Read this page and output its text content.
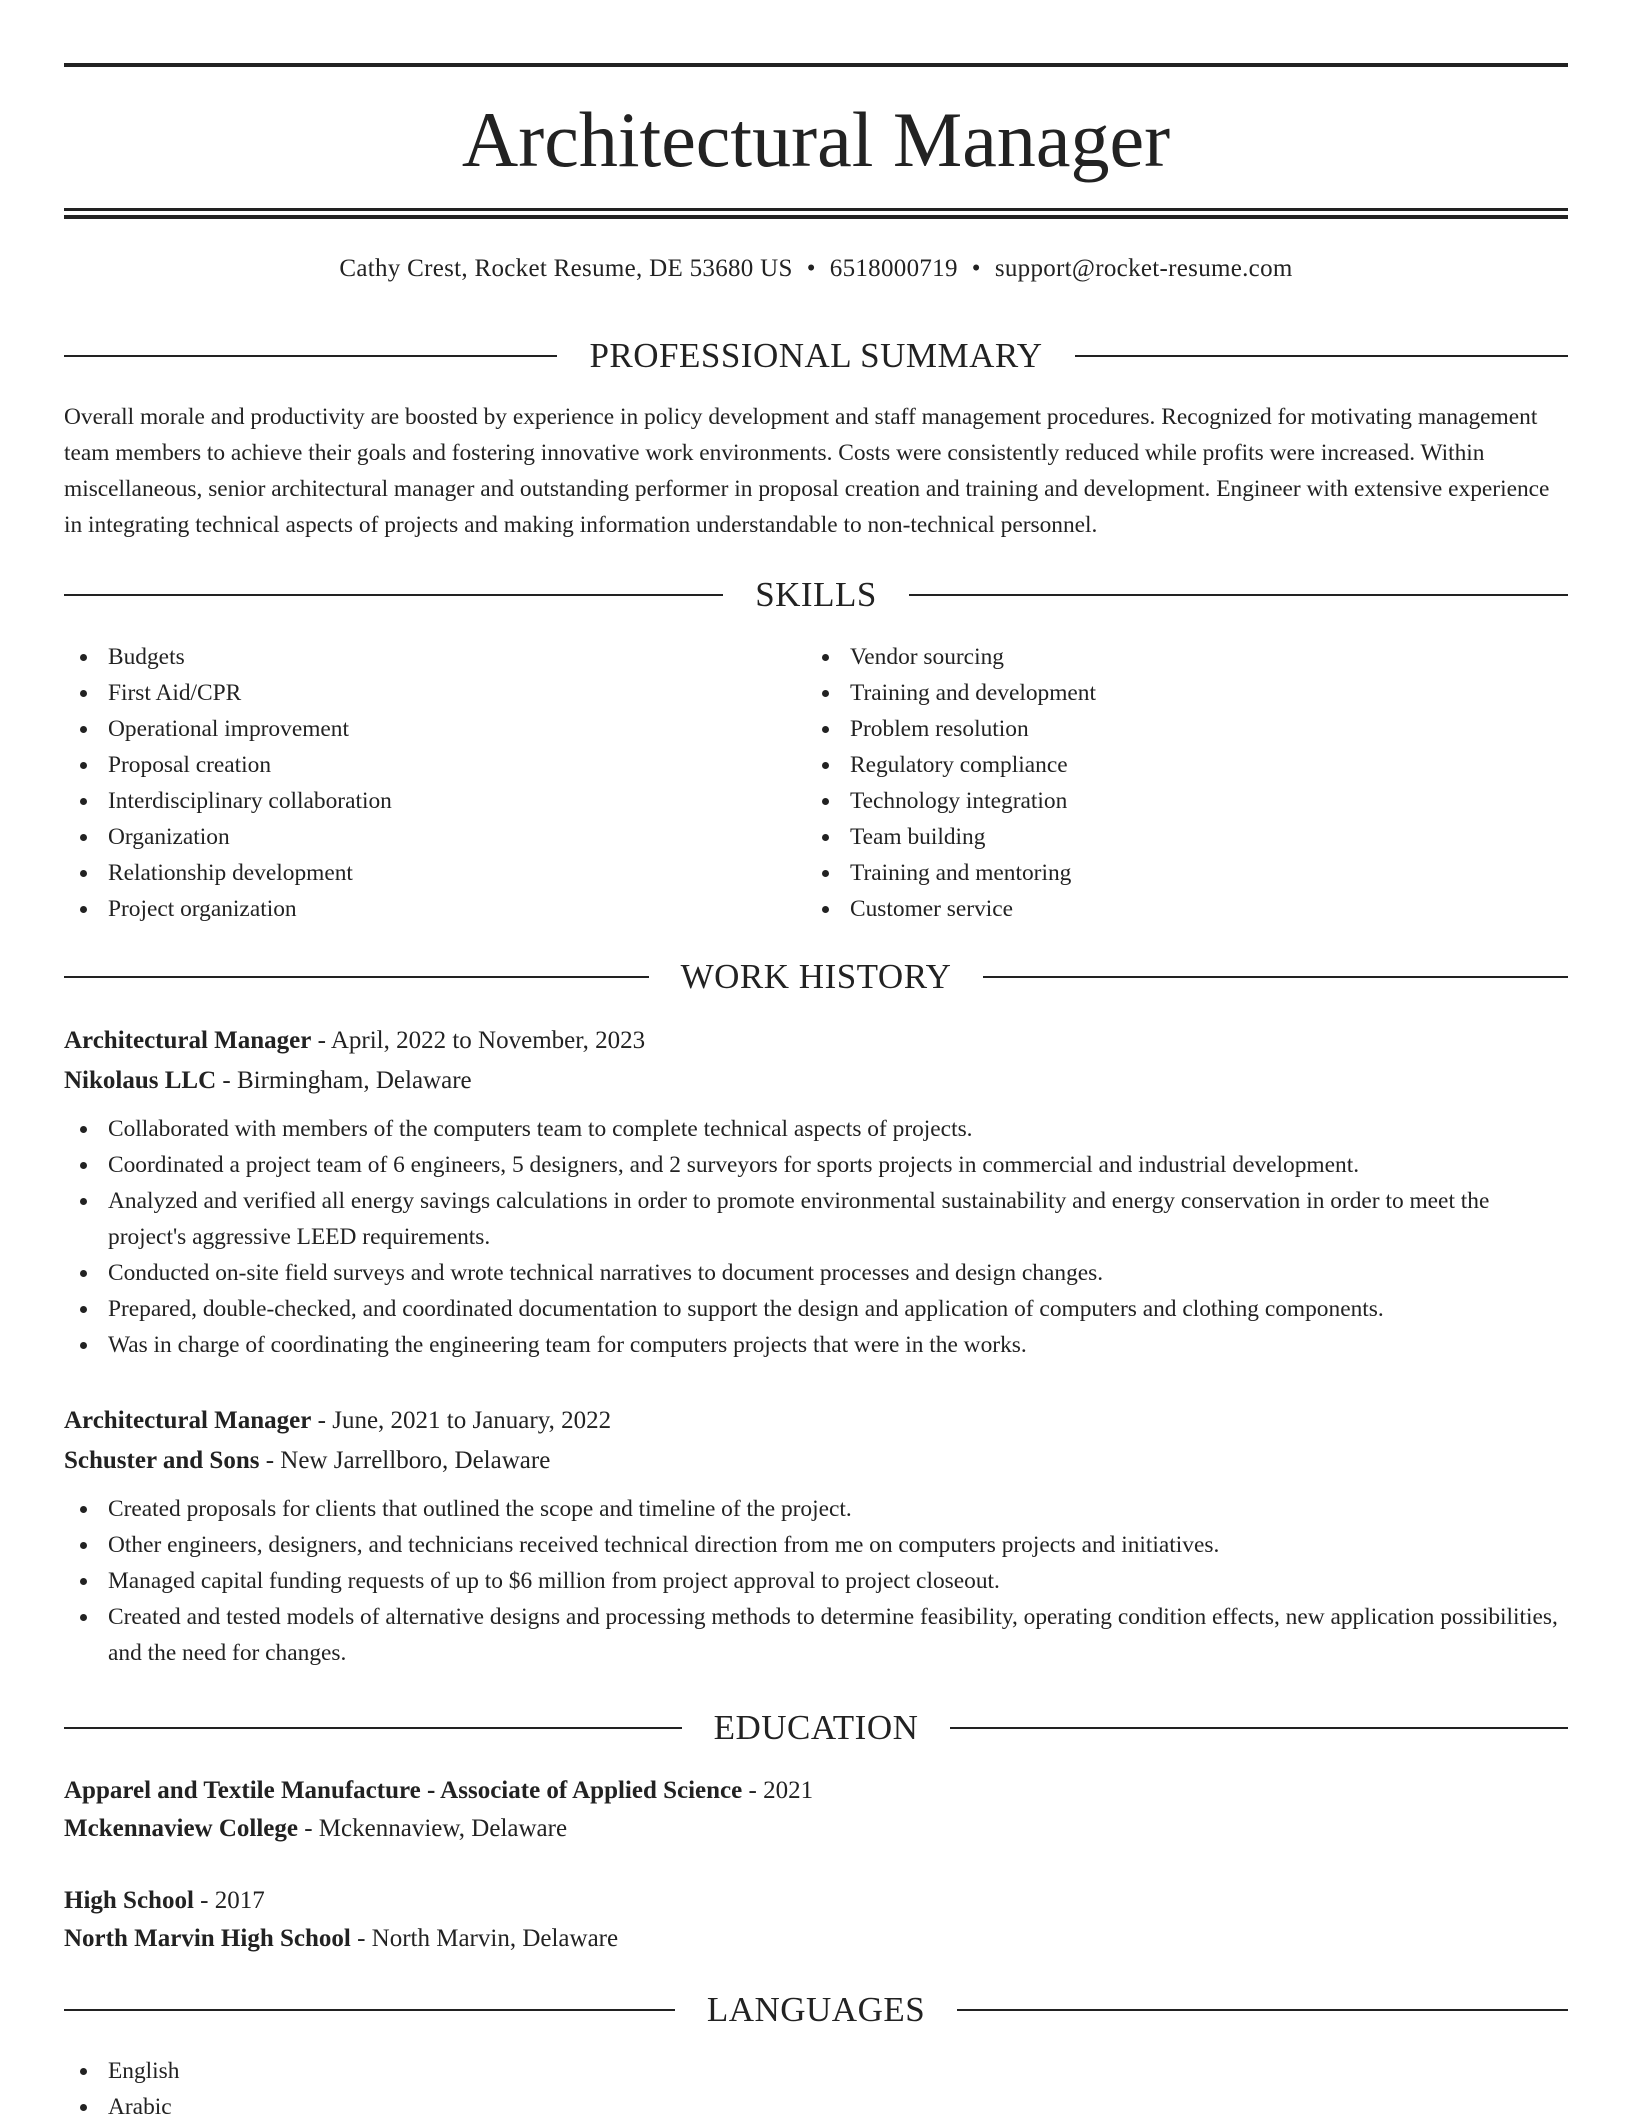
Architectural Manager
Cathy Crest, Rocket Resume, DE 53680 US • 6518000719 • support@rocket-resume.com
PROFESSIONAL SUMMARY

Overall morale and productivity are boosted by experience in policy development and staff management procedures. Recognized for motivating management team members to achieve their goals and fostering innovative work environments. Costs were consistently reduced while profits were increased. Within miscellaneous, senior architectural manager and outstanding performer in proposal creation and training and development. Engineer with extensive experience in integrating technical aspects of projects and making information understandable to non-technical personnel.

SKILLS
Budgets
First Aid/CPR
Operational improvement
Proposal creation
Interdisciplinary collaboration
Organization
Relationship development
Project organization
Vendor sourcing
Training and development
Problem resolution
Regulatory compliance
Technology integration
Team building
Training and mentoring
Customer service
WORK HISTORY
Architectural Manager - April, 2022 to November, 2023
Nikolaus LLC - Birmingham, Delaware
Collaborated with members of the computers team to complete technical aspects of projects.
Coordinated a project team of 6 engineers, 5 designers, and 2 surveyors for sports projects in commercial and industrial development.
Analyzed and verified all energy savings calculations in order to promote environmental sustainability and energy conservation in order to meet the project's aggressive LEED requirements.
Conducted on-site field surveys and wrote technical narratives to document processes and design changes.
Prepared, double-checked, and coordinated documentation to support the design and application of computers and clothing components.
Was in charge of coordinating the engineering team for computers projects that were in the works.
Architectural Manager - June, 2021 to January, 2022
Schuster and Sons - New Jarrellboro, Delaware
Created proposals for clients that outlined the scope and timeline of the project.
Other engineers, designers, and technicians received technical direction from me on computers projects and initiatives.
Managed capital funding requests of up to $6 million from project approval to project closeout.
Created and tested models of alternative designs and processing methods to determine feasibility, operating condition effects, new application possibilities, and the need for changes.
EDUCATION
Apparel and Textile Manufacture - Associate of Applied Science - 2021
Mckennaview College - Mckennaview, Delaware
High School - 2017
North Marvin High School - North Marvin, Delaware
LANGUAGES
English
Arabic
